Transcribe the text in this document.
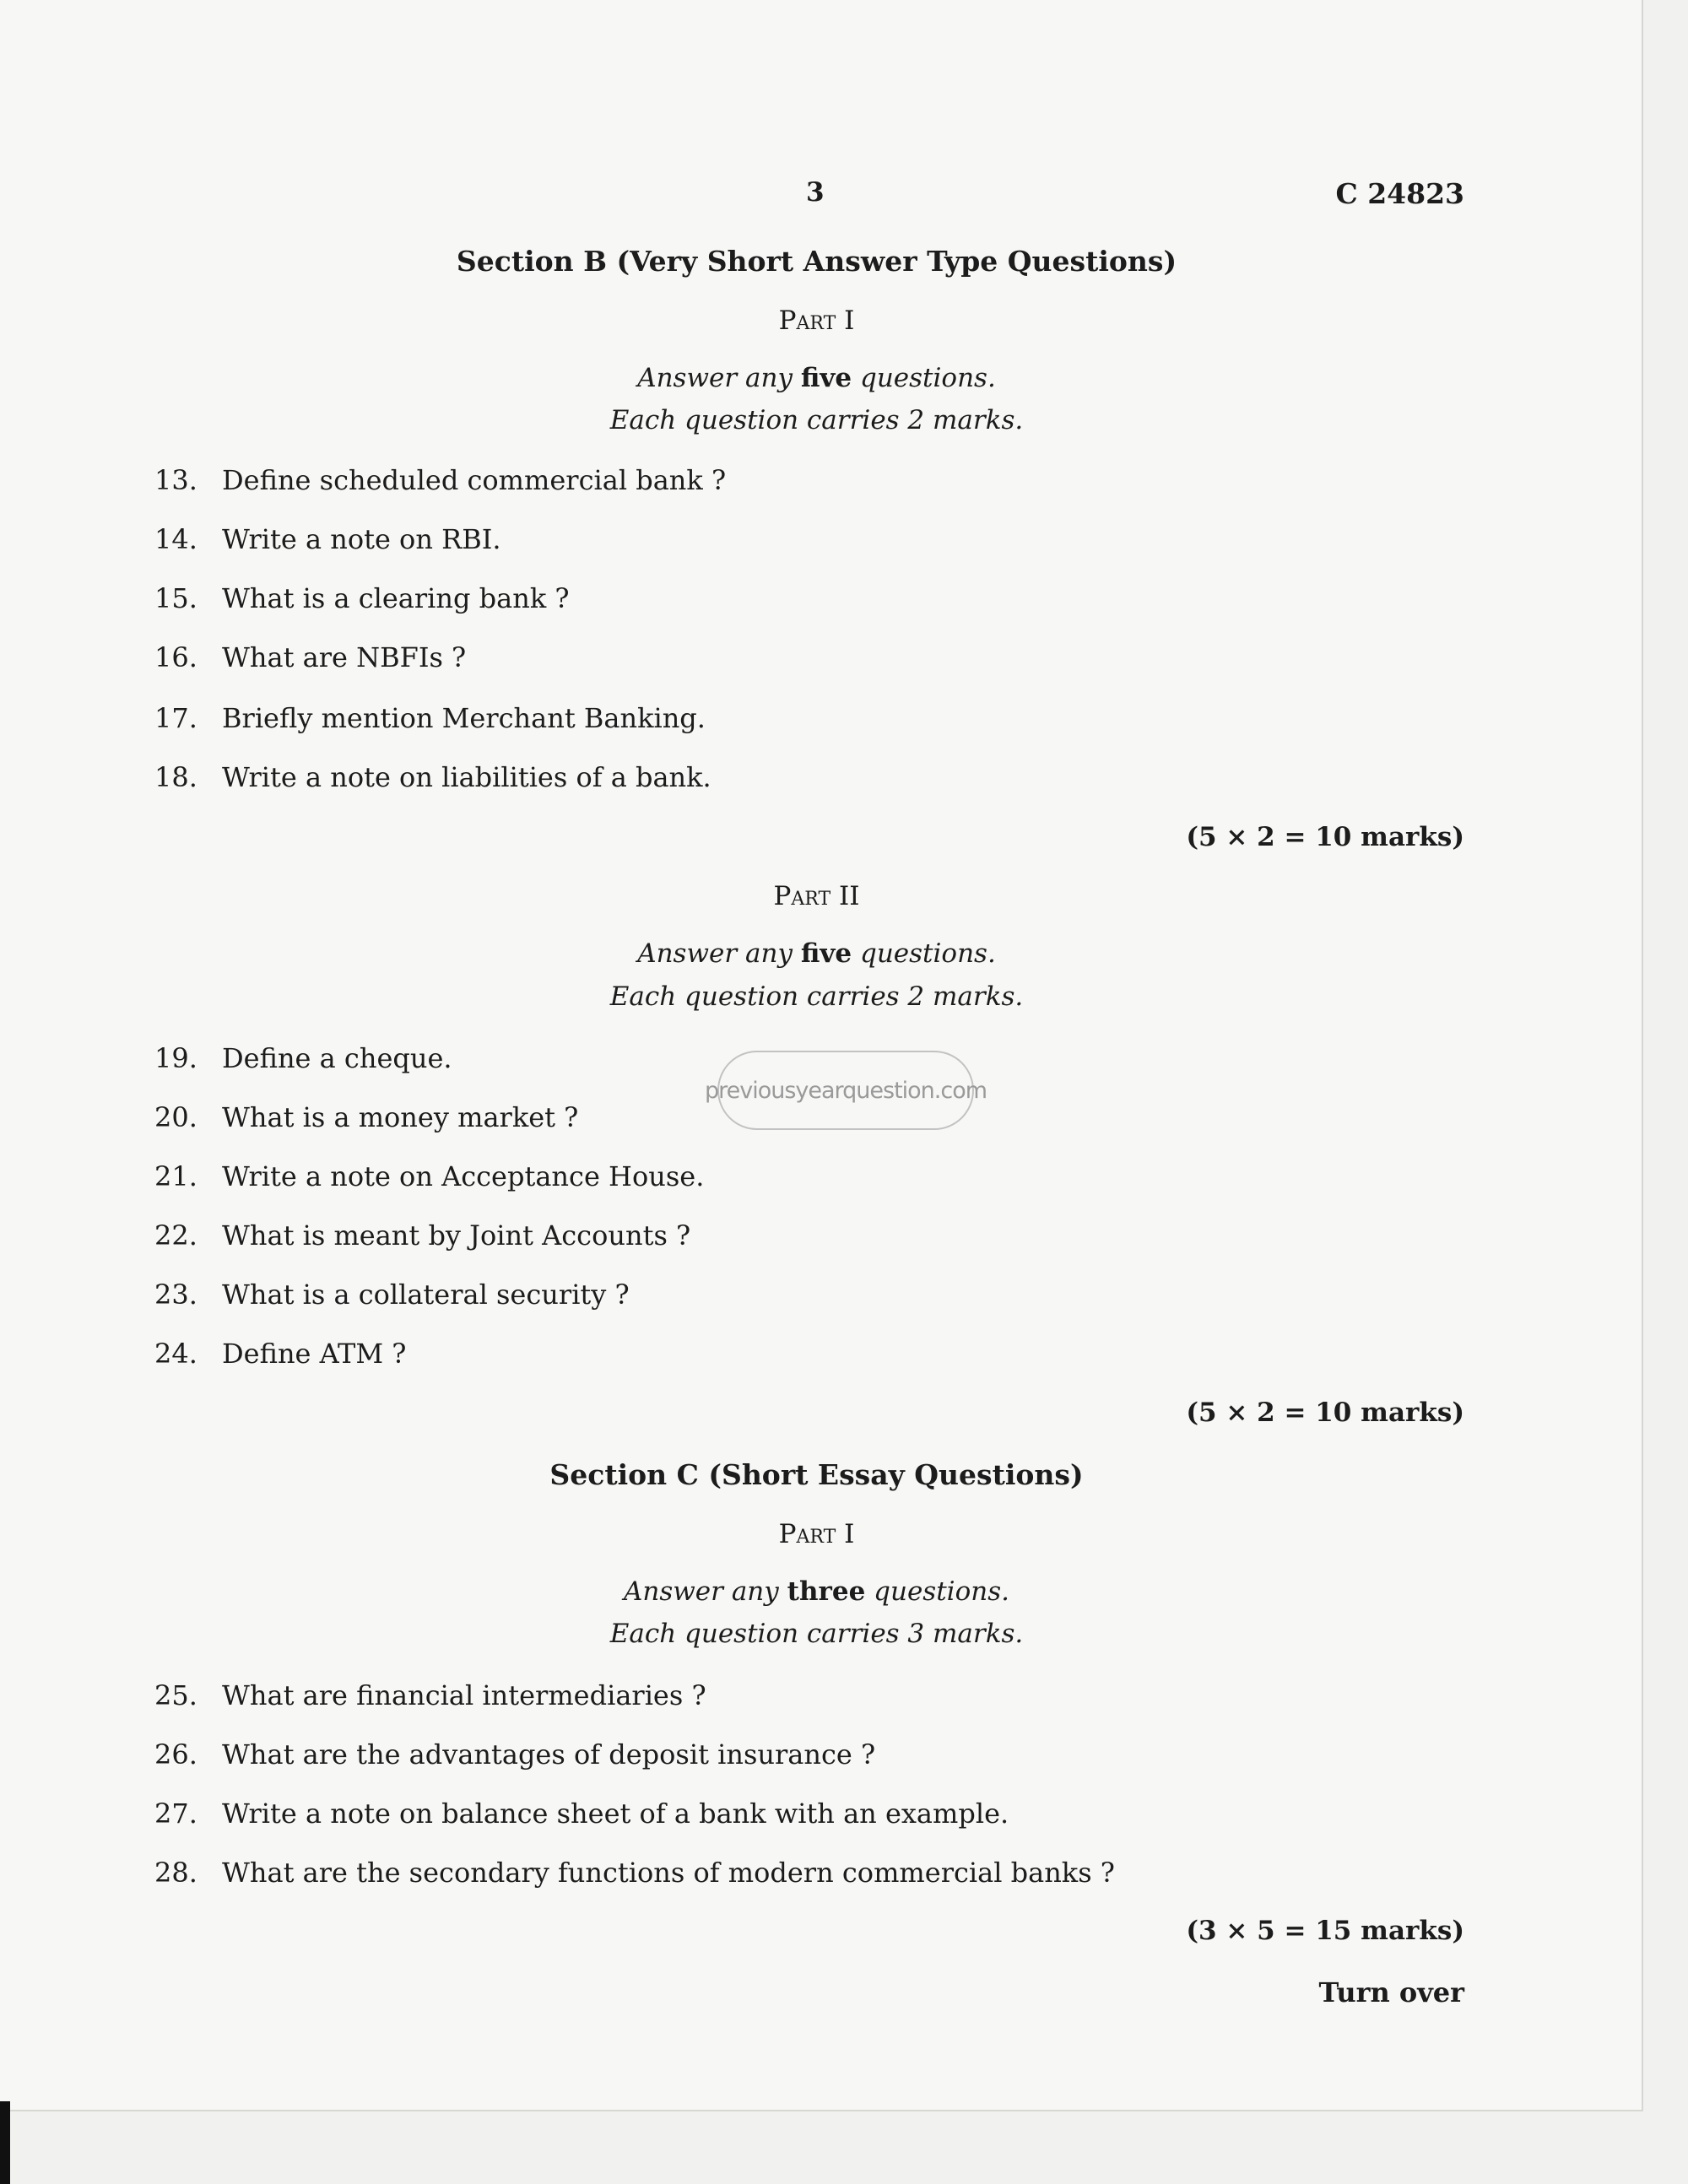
3	C 24823
Section B (Very Short Answer Type Questions)
Part I
Answer any five questions.
Each question carries 2 marks.
13. Define scheduled commercial bank ?
14. Write a note on RBI.
15. What is a clearing bank ?
16. What are NBFIs ?
17. Briefly mention Merchant Banking.
18. Write a note on liabilities of a bank.
(5 × 2 = 10 marks)
Part II
Answer any five questions.
Each question carries 2 marks.
19. Define a cheque.
20. What is a money market ?
21. Write a note on Acceptance House.
22. What is meant by Joint Accounts ?
23. What is a collateral security ?
24. Define ATM ?
(5 × 2 = 10 marks)
Section C (Short Essay Questions)
Part I
Answer any three questions.
Each question carries 3 marks.
25. What are financial intermediaries ?
26. What are the advantages of deposit insurance ?
27. Write a note on balance sheet of a bank with an example.
28. What are the secondary functions of modern commercial banks ?
(3 × 5 = 15 marks)
Turn over
previousyearquestion.com
